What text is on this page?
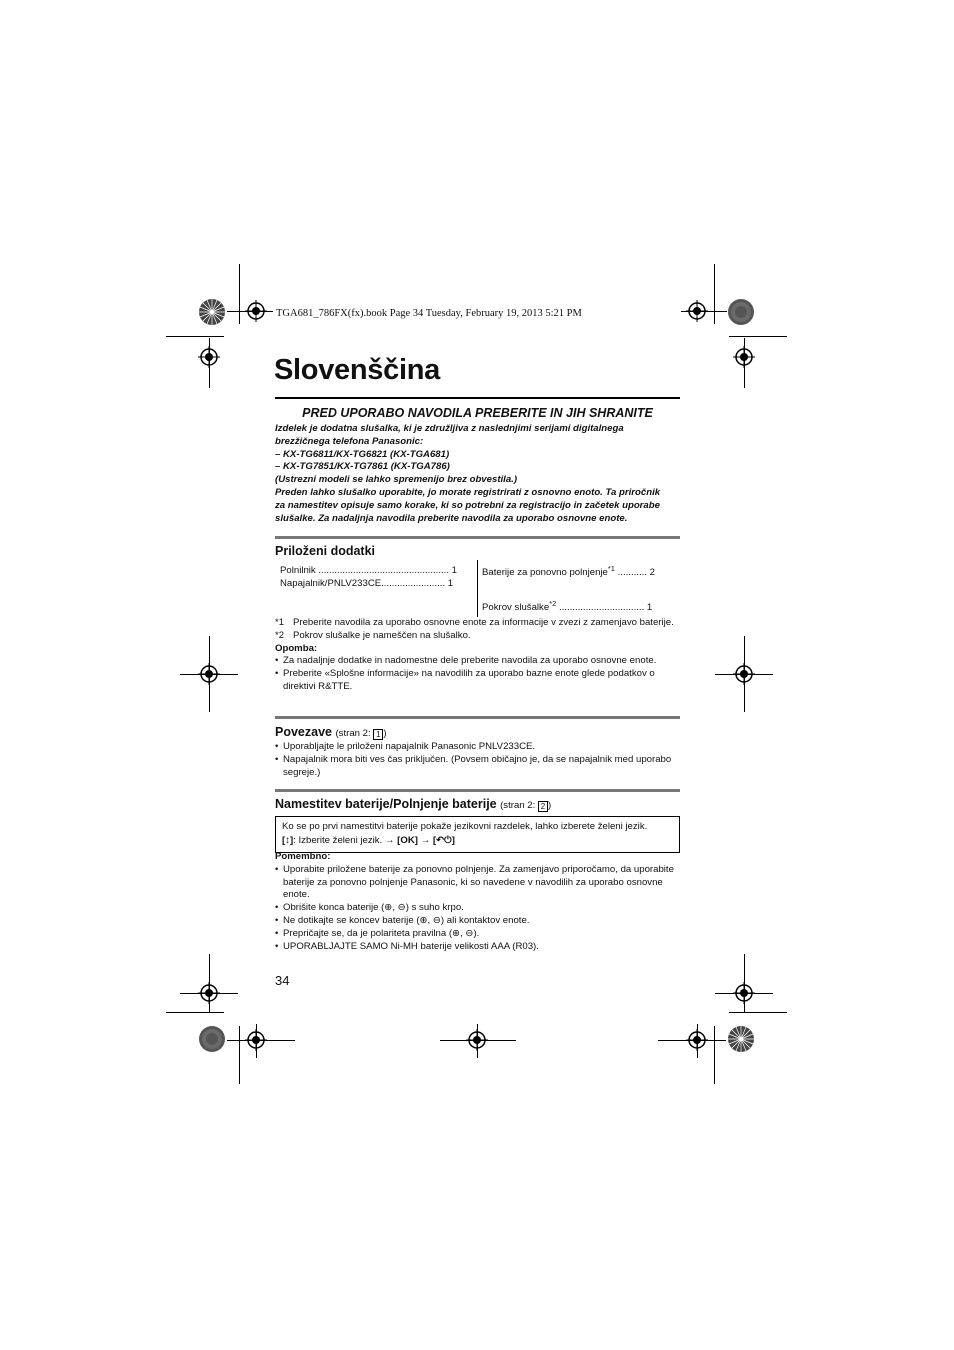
TGA681_786FX(fx).book Page 34 Tuesday, February 19, 2013 5:21 PM
Slovenščina
PRED UPORABO NAVODILA PREBERITE IN JIH SHRANITE
Izdelek je dodatna slušalka, ki je združljiva z naslednjimi serijami digitalnega
brezžičnega telefona Panasonic:
– KX-TG6811/KX-TG6821 (KX-TGA681)
– KX-TG7851/KX-TG7861 (KX-TGA786)
(Ustrezni modeli se lahko spremenijo brez obvestila.)
Preden lahko slušalko uporabite, jo morate registrirati z osnovno enoto. Ta priročnik
za namestitev opisuje samo korake, ki so potrebni za registracijo in začetek uporabe
slušalke. Za nadaljnja navodila preberite navodila za uporabo osnovne enote.
Priloženi dodatki
Polnilnik ................................................. 1
Napajalnik/PNLV233CE........................ 1
Baterije za ponovno polnjenje$^{*1}$ ........... 2
Pokrov slušalke$^{*2}$ ................................ 1
*1 Preberite navodila za uporabo osnovne enote za informacije v zvezi z zamenjavo baterije.
*2 Pokrov slušalke je nameščen na slušalko.
Opomba:
• Za nadaljnje dodatke in nadomestne dele preberite navodila za uporabo osnovne enote.
• Preberite «Splošne informacije» na navodilih za uporabo bazne enote glede podatkov o direktivi R&TTE.
Povezave (stran 2: 1 )
• Uporabljajte le priloženi napajalnik Panasonic PNLV233CE.
• Napajalnik mora biti ves čas priključen. (Povsem običajno je, da se napajalnik med uporabo segreje.)
Namestitev baterije/Polnjenje baterije (stran 2: 2 )
Ko se po prvi namestitvi baterije pokaže jezikovni razdelek, lahko izberete želeni jezik.
[↕]: Izberite želeni jezik. → [OK] → [↶⏻]
Pomembno:
• Uporabite priložene baterije za ponovno polnjenje. Za zamenjavo priporočamo, da uporabite baterije za ponovno polnjenje Panasonic, ki so navedene v navodilih za uporabo osnovne enote.
• Obrišite konca baterije (⊕, ⊖) s suho krpo.
• Ne dotikajte se koncev baterije (⊕, ⊖) ali kontaktov enote.
• Prepričajte se, da je polariteta pravilna (⊕, ⊖).
• UPORABLJAJTE SAMO Ni-MH baterije velikosti AAA (R03).
34
